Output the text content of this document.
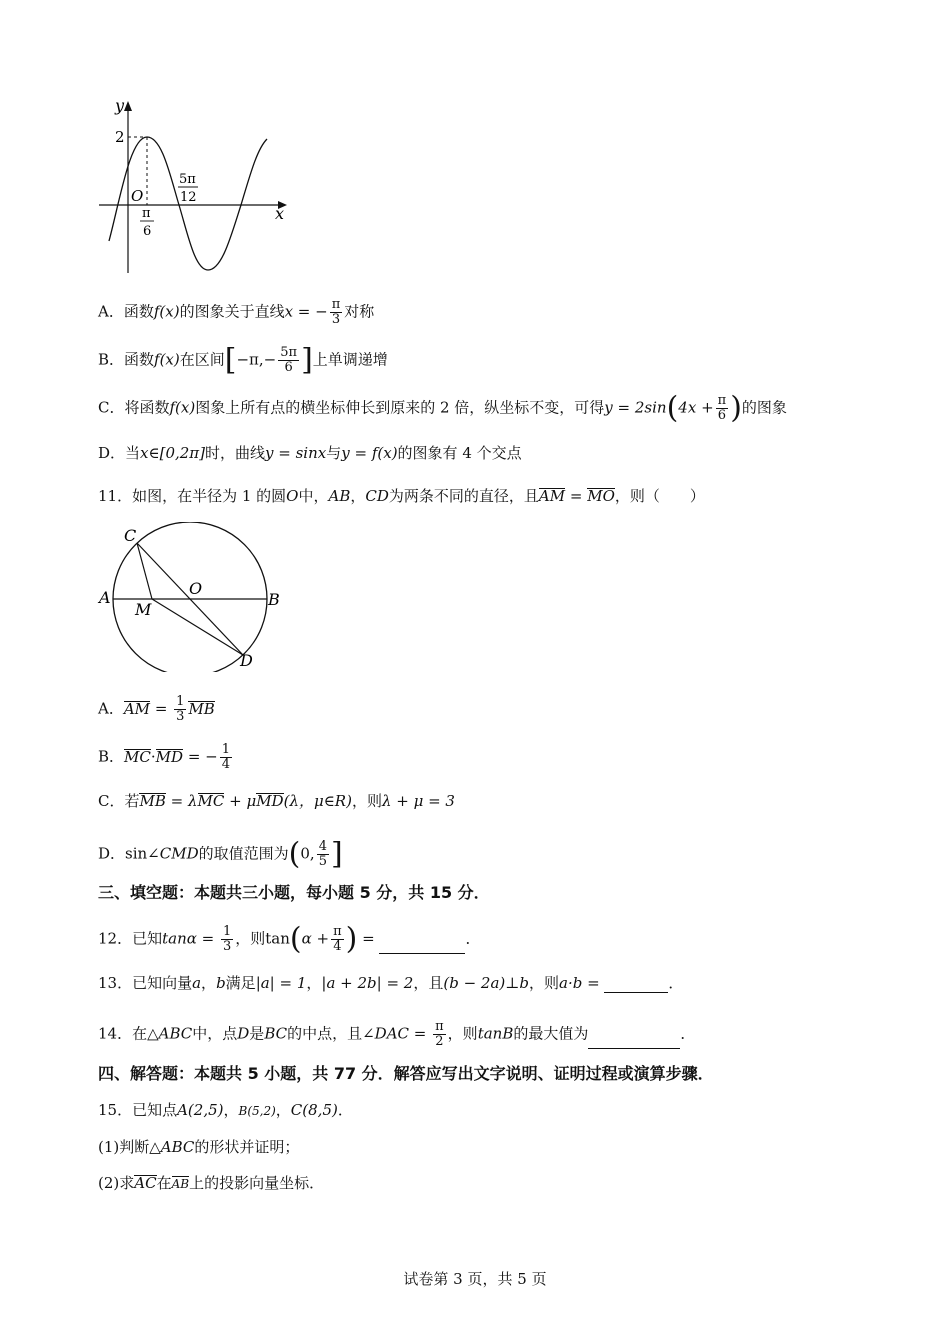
y
x
O
2
π
6
5π
12
A．函数f(x)的图象关于直线x = − $\frac{\pi}{3}$ 对称
B．函数f(x)在区间[$-\pi,- \frac{5\pi}{6}$ ]上单调递增
C．将函数f(x)图象上所有点的横坐标伸长到原来的 2 倍，纵坐标不变，可得$y = 2\sin(4x + \frac{\pi}{6}$ )的图象
D．当x∈[0,2π]时，曲线y = sinx与y = f(x)的图象有 4 个交点
11．如图，在半径为 1 的圆O中，AB，CD为两条不同的直径，且AM = MO，则（　　）
C
A
M
O
B
D
A．AM = $\frac{1}{3}$ MB
B．MC·MD = − $\frac{1}{4}$
C．若MB = λMC + μMD(λ，μ∈R)，则λ + μ = 3
D．sin∠CMD的取值范围为(0, $\frac{4}{5}$ ]
三、填空题：本题共三小题，每小题 5 分，共 15 分．
12．已知$\tan\alpha = \frac{1}{3}$ ，则$\tan(\alpha + \frac{\pi}{4}$ ) =	．
13．已知向量a，b满足|a| = 1，|a + 2b| = 2，且(b − 2a)⊥b，则a·b =	．
14．在△ABC中，点D是BC的中点，且∠DAC = $\frac{\pi}{2}$ ，则tanB的最大值为	．
四、解答题：本题共 5 小题，共 77 分．解答应写出文字说明、证明过程或演算步骤．
15．已知点A(2,5)，B(5,2)，C(8,5)．
(1)判断△ABC的形状并证明；
(2)求AC在AB上的投影向量坐标．
试卷第 3 页，共 5 页
